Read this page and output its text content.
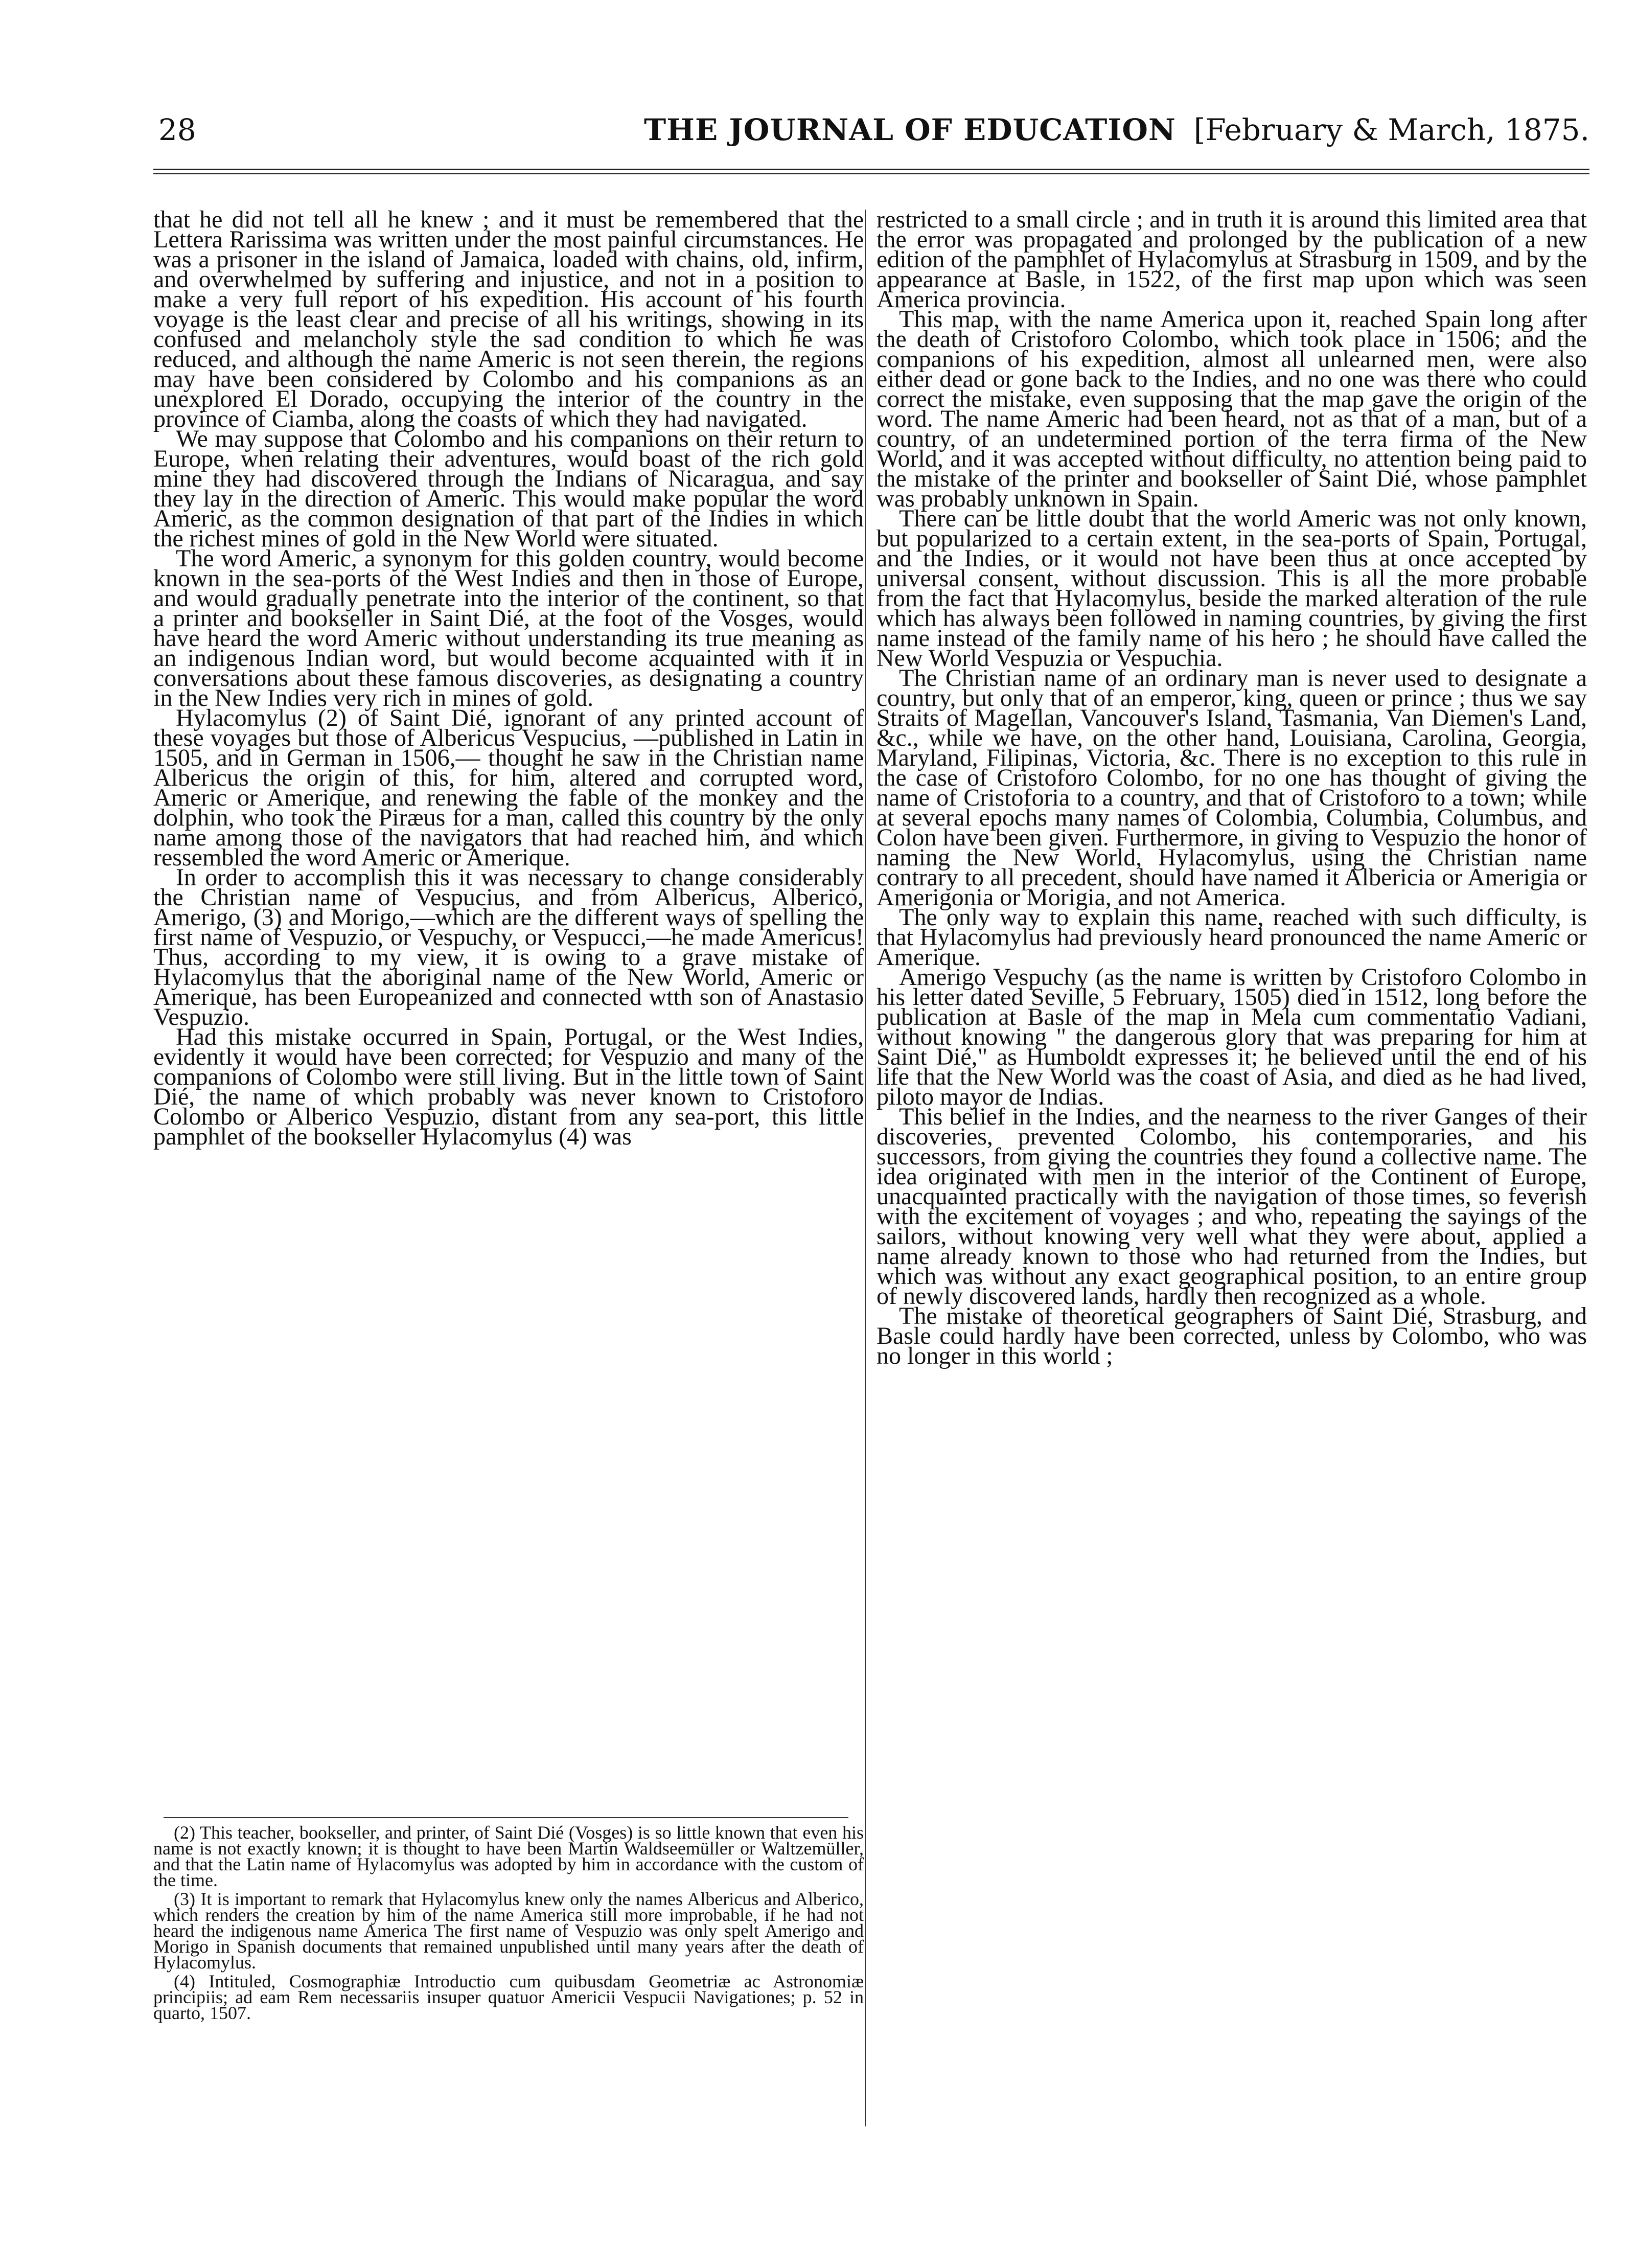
28	THE JOURNAL OF EDUCATION [February & March, 1875.

that he did not tell all he knew ; and it must be remembered that the Lettera Rarissima was written under the most painful circumstances. He was a prisoner in the island of Jamaica, loaded with chains, old, infirm, and overwhelmed by suffering and injustice, and not in a position to make a very full report of his expedition. His account of his fourth voyage is the least clear and precise of all his writings, showing in its confused and melancholy style the sad condition to which he was reduced, and although the name Americ is not seen therein, the regions may have been considered by Colombo and his companions as an unexplored El Dorado, occupying the interior of the country in the province of Ciamba, along the coasts of which they had navigated.

We may suppose that Colombo and his companions on their return to Europe, when relating their adventures, would boast of the rich gold mine they had discovered through the Indians of Nicaragua, and say they lay in the direction of Americ. This would make popular the word Americ, as the common designation of that part of the Indies in which the richest mines of gold in the New World were situated.

The word Americ, a synonym for this golden country, would become known in the sea-ports of the West Indies and then in those of Europe, and would gradually penetrate into the interior of the continent, so that a printer and bookseller in Saint Dié, at the foot of the Vosges, would have heard the word Americ without understanding its true meaning as an indigenous Indian word, but would become acquainted with it in conversations about these famous discoveries, as designating a country in the New Indies very rich in mines of gold.

Hylacomylus (2) of Saint Dié, ignorant of any printed account of these voyages but those of Albericus Vespucius, —published in Latin in 1505, and in German in 1506,— thought he saw in the Christian name Albericus the origin of this, for him, altered and corrupted word, Americ or Amerique, and renewing the fable of the monkey and the dolphin, who took the Piræus for a man, called this country by the only name among those of the navigators that had reached him, and which ressembled the word Americ or Amerique.

In order to accomplish this it was necessary to change considerably the Christian name of Vespucius, and from Albericus, Alberico, Amerigo, (3) and Morigo,—which are the different ways of spelling the first name of Vespuzio, or Vespuchy, or Vespucci,—he made Americus! Thus, according to my view, it is owing to a grave mistake of Hylacomylus that the aboriginal name of the New World, Americ or Amerique, has been Europeanized and connected wtth son of Anastasio Vespuzio.

Had this mistake occurred in Spain, Portugal, or the West Indies, evidently it would have been corrected; for Vespuzio and many of the companions of Colombo were still living. But in the little town of Saint Dié, the name of which probably was never known to Cristoforo Colombo or Alberico Vespuzio, distant from any sea-port, this little pamphlet of the bookseller Hylacomylus (4) was

(2) This teacher, bookseller, and printer, of Saint Dié (Vosges) is so little known that even his name is not exactly known; it is thought to have been Martin Waldseemüller or Waltzemüller, and that the Latin name of Hylacomylus was adopted by him in accordance with the custom of the time.

(3) It is important to remark that Hylacomylus knew only the names Albericus and Alberico, which renders the creation by him of the name America still more improbable, if he had not heard the indigenous name America The first name of Vespuzio was only spelt Amerigo and Morigo in Spanish documents that remained unpublished until many years after the death of Hylacomylus.

(4) Intituled, Cosmographiæ Introductio cum quibusdam Geometriæ ac Astronomiæ principiis; ad eam Rem necessariis insuper quatuor Americii Vespucii Navigationes; p. 52 in quarto, 1507.

restricted to a small circle ; and in truth it is around this limited area that the error was propagated and prolonged by the publication of a new edition of the pamphlet of Hylacomylus at Strasburg in 1509, and by the appearance at Basle, in 1522, of the first map upon which was seen America provincia.

This map, with the name America upon it, reached Spain long after the death of Cristoforo Colombo, which took place in 1506; and the companions of his expedition, almost all unlearned men, were also either dead or gone back to the Indies, and no one was there who could correct the mistake, even supposing that the map gave the origin of the word. The name Americ had been heard, not as that of a man, but of a country, of an undetermined portion of the terra firma of the New World, and it was accepted without difficulty, no attention being paid to the mistake of the printer and bookseller of Saint Dié, whose pamphlet was probably unknown in Spain.

There can be little doubt that the world Americ was not only known, but popularized to a certain extent, in the sea-ports of Spain, Portugal, and the Indies, or it would not have been thus at once accepted by universal consent, without discussion. This is all the more probable from the fact that Hylacomylus, beside the marked alteration of the rule which has always been followed in naming countries, by giving the first name instead of the family name of his hero ; he should have called the New World Vespuzia or Vespuchia.

The Christian name of an ordinary man is never used to designate a country, but only that of an emperor, king, queen or prince ; thus we say Straits of Magellan, Vancouver's Island, Tasmania, Van Diemen's Land, &c., while we have, on the other hand, Louisiana, Carolina, Georgia, Maryland, Filipinas, Victoria, &c. There is no exception to this rule in the case of Cristoforo Colombo, for no one has thought of giving the name of Cristoforia to a country, and that of Cristoforo to a town; while at several epochs many names of Colombia, Columbia, Columbus, and Colon have been given. Furthermore, in giving to Vespuzio the honor of naming the New World, Hylacomylus, using the Christian name contrary to all precedent, should have named it Albericia or Amerigia or Amerigonia or Morigia, and not America.

The only way to explain this name, reached with such difficulty, is that Hylacomylus had previously heard pronounced the name Americ or Amerique.

Amerigo Vespuchy (as the name is written by Cristoforo Colombo in his letter dated Seville, 5 February, 1505) died in 1512, long before the publication at Basle of the map in Mela cum commentatio Vadiani, without knowing " the dangerous glory that was preparing for him at Saint Dié," as Humboldt expresses it; he believed until the end of his life that the New World was the coast of Asia, and died as he had lived, piloto mayor de Indias.

This belief in the Indies, and the nearness to the river Ganges of their discoveries, prevented Colombo, his contemporaries, and his successors, from giving the countries they found a collective name. The idea originated with men in the interior of the Continent of Europe, unacquainted practically with the navigation of those times, so feverish with the excitement of voyages ; and who, repeating the sayings of the sailors, without knowing very well what they were about, applied a name already known to those who had returned from the Indies, but which was without any exact geographical position, to an entire group of newly discovered lands, hardly then recognized as a whole.

The mistake of theoretical geographers of Saint Dié, Strasburg, and Basle could hardly have been corrected, unless by Colombo, who was no longer in this world ;
